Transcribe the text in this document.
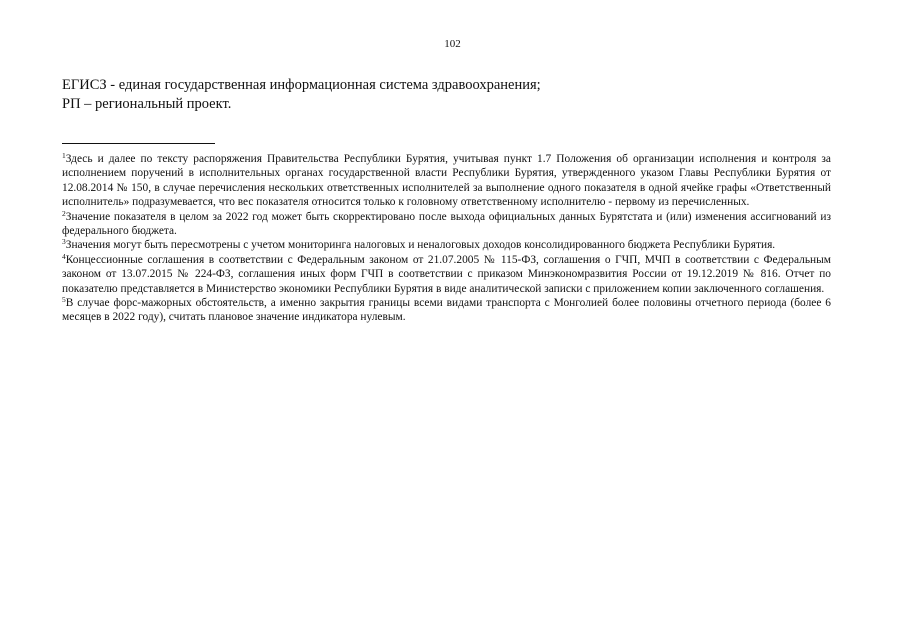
102
ЕГИСЗ - единая государственная информационная система здравоохранения;
РП – региональный проект.

$^1$Здесь и далее по тексту распоряжения Правительства Республики Бурятия, учитывая пункт 1.7 Положения об организации исполнения и контроля за исполнением поручений в исполнительных органах государственной власти Республики Бурятия, утвержденного указом Главы Республики Бурятия от 12.08.2014 № 150, в случае перечисления нескольких ответственных исполнителей за выполнение одного показателя в одной ячейке графы «Ответственный исполнитель» подразумевается, что вес показателя относится только к головному ответственному исполнителю - первому из перечисленных.

$^2$Значение показателя в целом за 2022 год может быть скорректировано после выхода официальных данных Бурятстата и (или) изменения ассигнований из федерального бюджета.

$^3$Значения могут быть пересмотрены с учетом мониторинга налоговых и неналоговых доходов консолидированного бюджета Республики Бурятия.

$^4$Концессионные соглашения в соответствии с Федеральным законом от 21.07.2005 № 115-ФЗ, соглашения о ГЧП, МЧП в соответствии с Федеральным законом от 13.07.2015 № 224-ФЗ, соглашения иных форм ГЧП в соответствии с приказом Минэкономразвития России от 19.12.2019 № 816. Отчет по показателю представляется в Министерство экономики Республики Бурятия в виде аналитической записки с приложением копии заключенного соглашения.

$^5$В случае форс-мажорных обстоятельств, а именно закрытия границы всеми видами транспорта с Монголией более половины отчетного периода (более 6 месяцев в 2022 году), считать плановое значение индикатора нулевым.
